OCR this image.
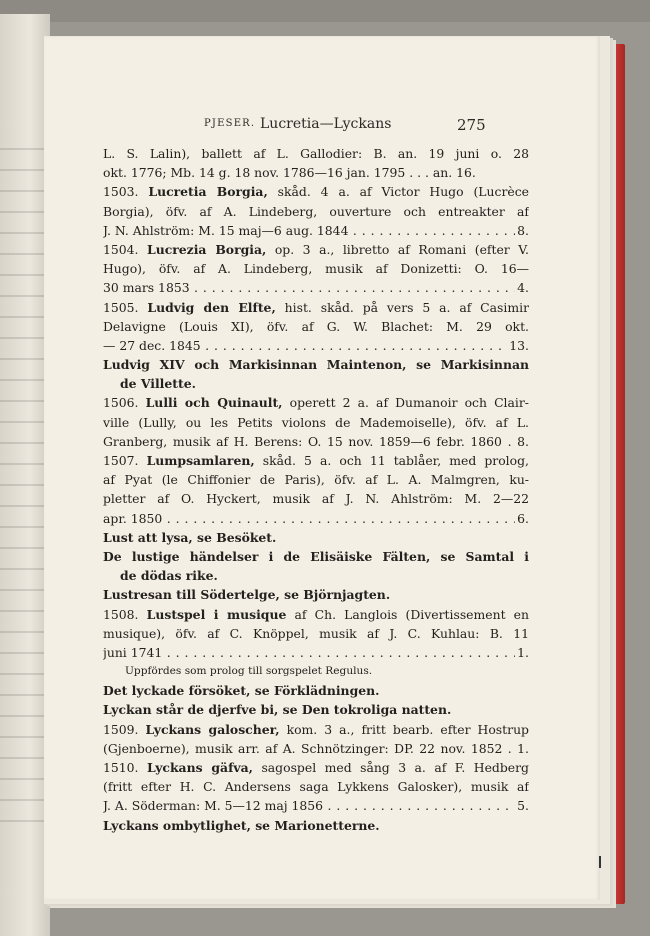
PJESER. Lucretia—Lyckans	275
L. S. Lalin), ballett af L. Gallodier: B. an. 19 juni o. 28
okt. 1776; Mb. 14 g. 18 nov. 1786—16 jan. 1795 . . . an. 16.
1503. Lucretia Borgia, skåd. 4 a. af Victor Hugo (Lucrèce
Borgia), öfv. af A. Lindeberg, ouverture och entreakter af
J. N. Ahlström: M. 15 maj—6 aug. 1844 . . .	8.
1504. Lucrezia Borgia, op. 3 a., libretto af Romani (efter V.
Hugo), öfv. af A. Lindeberg, musik af Donizetti: O. 16—
30 mars 1853 . . .	4.
1505. Ludvig den Elfte, hist. skåd. på vers 5 a. af Casimir
Delavigne (Louis XI), öfv. af G. W. Blachet: M. 29 okt.
— 27 dec. 1845 . . .	13.
Ludvig XIV och Markisinnan Maintenon, se Markisinnan
de Villette.
1506. Lulli och Quinault, operett 2 a. af Dumanoir och Clair-
ville (Lully, ou les Petits violons de Mademoiselle), öfv. af L.
Granberg, musik af H. Berens: O. 15 nov. 1859—6 febr. 1860 . 8.
1507. Lumpsamlaren, skåd. 5 a. och 11 tablåer, med prolog,
af Pyat (le Chiffonier de Paris), öfv. af L. A. Malmgren, ku-
pletter af O. Hyckert, musik af J. N. Ahlström: M. 2—22
apr. 1850 . . .	6.
Lust att lysa, se Besöket.
De lustige händelser i de Elisäiske Fälten, se Samtal i
de dödas rike.
Lustresan till Södertelge, se Björnjagten.
1508. Lustspel i musique af Ch. Langlois (Divertissement en
musique), öfv. af C. Knöppel, musik af J. C. Kuhlau: B. 11
juni 1741 . . .	1.
Uppfördes som prolog till sorgspelet Regulus.
Det lyckade försöket, se Förklädningen.
Lyckan står de djerfve bi, se Den tokroliga natten.
1509. Lyckans galoscher, kom. 3 a., fritt bearb. efter Hostrup
(Gjenboerne), musik arr. af A. Schnötzinger: DP. 22 nov. 1852 . 1.
1510. Lyckans gäfva, sagospel med sång 3 a. af F. Hedberg
(fritt efter H. C. Andersens saga Lykkens Galosker), musik af
J. A. Söderman: M. 5—12 maj 1856 . . .	5.
Lyckans ombytlighet, se Marionetterne.
